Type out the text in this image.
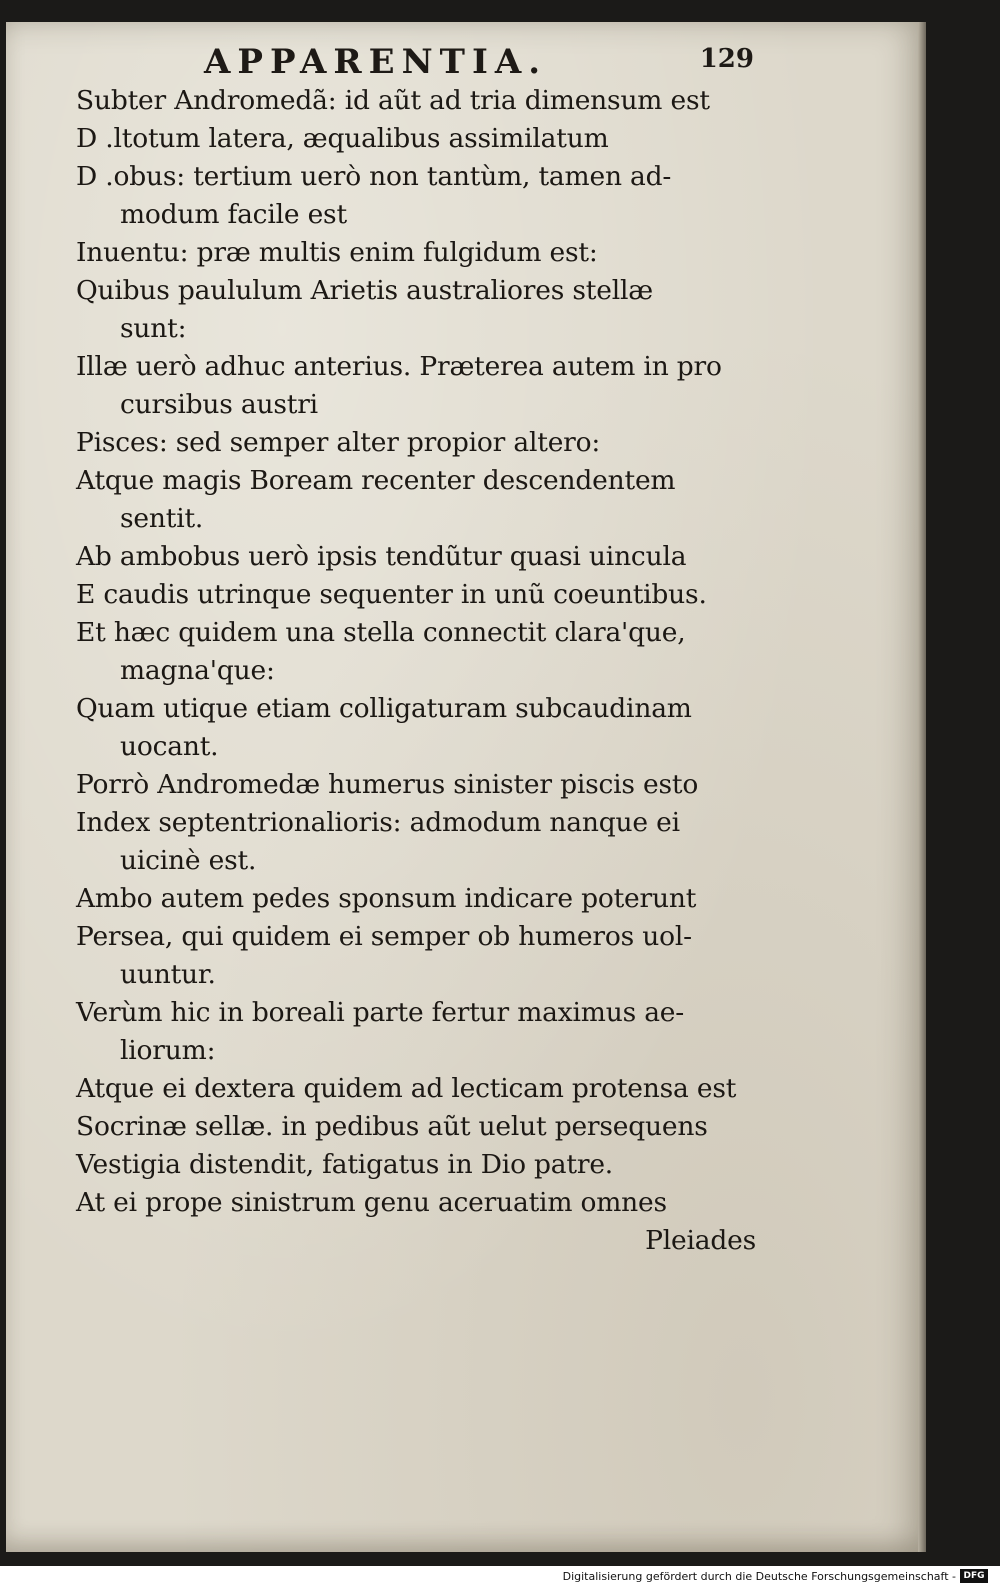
APPARENTIA.	129

Subter Andromedã: id aũt ad tria dimensum est

D .ltotum latera, æqualibus assimilatum

D .obus: tertium uerò non tantùm, tamen ad-
modum facile est

Inuentu: præ multis enim fulgidum est:

Quibus paululum Arietis australiores stellæ
sunt:

Illæ uerò adhuc anterius. Præterea autem in pro
cursibus austri

Pisces: sed semper alter propior altero:

Atque magis Boream recenter descendentem
sentit.

Ab ambobus uerò ipsis tendũtur quasi uincula

E caudis utrinque sequenter in unũ coeuntibus.

Et hæc quidem una stella connectit clara'que,
magna'que:

Quam utique etiam colligaturam subcaudinam
uocant.

Porrò Andromedæ humerus sinister piscis esto

Index septentrionalioris: admodum nanque ei
uicinè est.

Ambo autem pedes sponsum indicare poterunt

Persea, qui quidem ei semper ob humeros uol-
uuntur.

Verùm hic in boreali parte fertur maximus ae-
liorum:

Atque ei dextera quidem ad lecticam protensa est

Socrinæ sellæ. in pedibus aũt uelut persequens

Vestigia distendit, fatigatus in Dio patre.

At ei prope sinistrum genu aceruatim omnes

Pleiades

Digitalisierung gefördert durch die Deutsche Forschungsgemeinschaft - DFG
